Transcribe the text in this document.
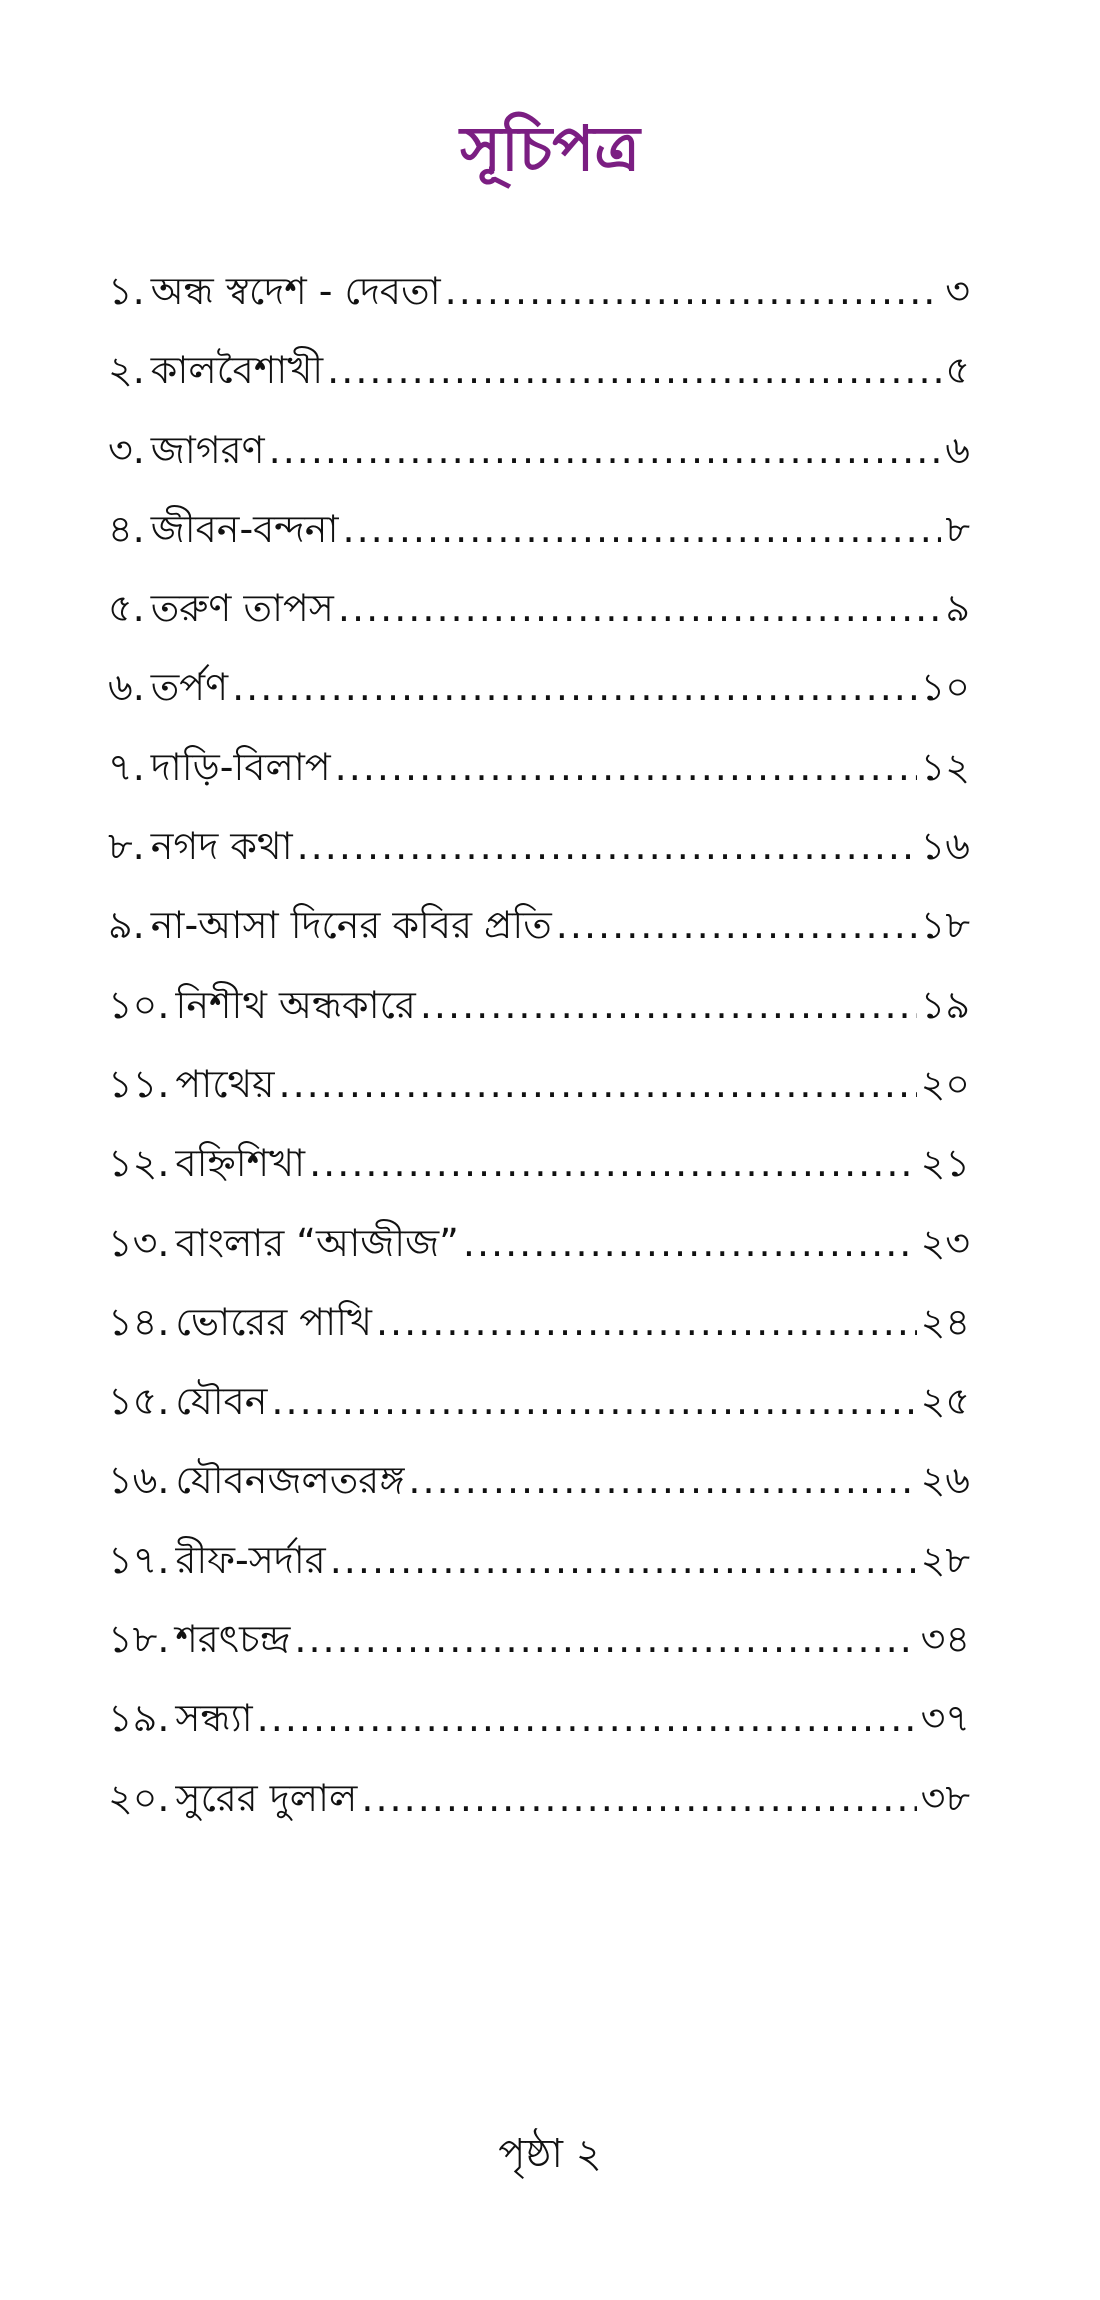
সূচিপত্র
১. অন্ধ স্বদেশ - দেবতা .....	৩
২. কালবৈশাখী .....	৫
৩. জাগরণ .....	৬
৪. জীবন-বন্দনা .....	৮
৫. তরুণ তাপস .....	৯
৬. তর্পণ .....	১০
৭. দাড়ি-বিলাপ .....	১২
৮. নগদ কথা .....	১৬
৯. না-আসা দিনের কবির প্রতি .....	১৮
১০. নিশীথ অন্ধকারে .....	১৯
১১. পাথেয় .....	২০
১২. বহ্নিশিখা .....	২১
১৩. বাংলার “আজীজ” .....	২৩
১৪. ভোরের পাখি .....	২৪
১৫. যৌবন .....	২৫
১৬. যৌবনজলতরঙ্গ .....	২৬
১৭. রীফ-সর্দার .....	২৮
১৮. শরৎচন্দ্র .....	৩৪
১৯. সন্ধ্যা .....	৩৭
২০. সুরের দুলাল .....	৩৮
পৃষ্ঠা ২
